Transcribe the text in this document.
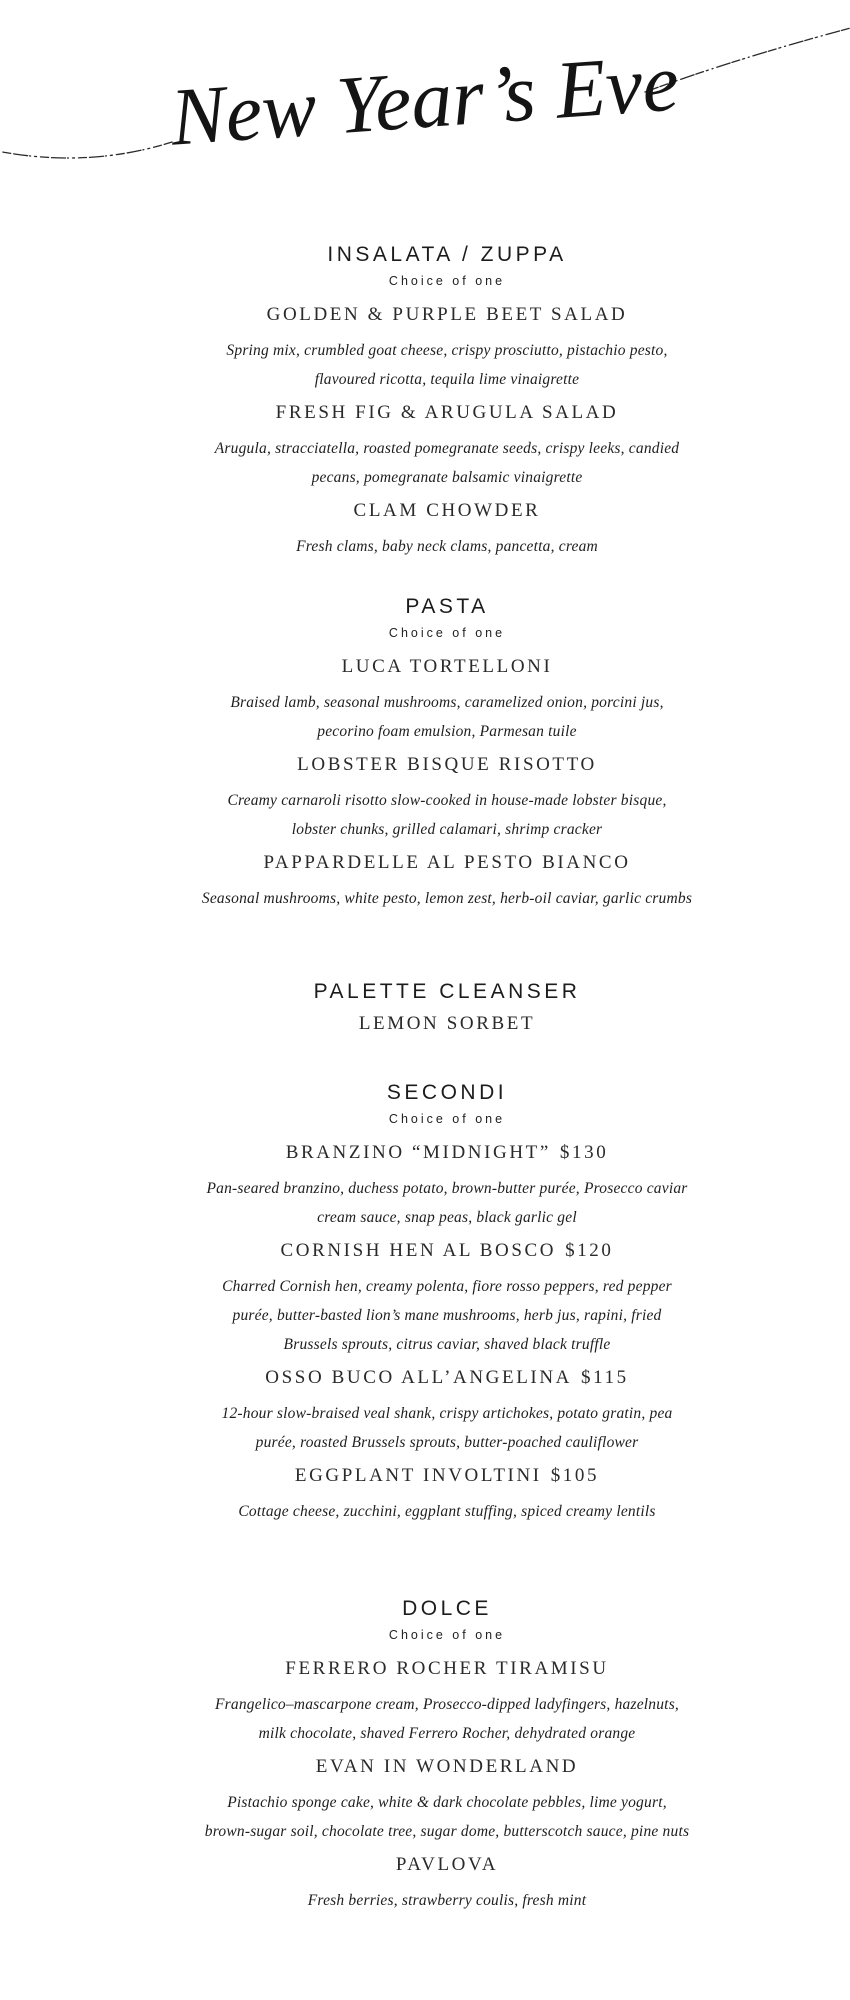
New Year’s Eve
INSALATA / ZUPPA
Choice of one
GOLDEN & PURPLE BEET SALAD
Spring mix, crumbled goat cheese, crispy prosciutto, pistachio pesto,
flavoured ricotta, tequila lime vinaigrette
FRESH FIG & ARUGULA SALAD
Arugula, stracciatella, roasted pomegranate seeds, crispy leeks, candied
pecans, pomegranate balsamic vinaigrette
CLAM CHOWDER
Fresh clams, baby neck clams, pancetta, cream
PASTA
Choice of one
LUCA TORTELLONI
Braised lamb, seasonal mushrooms, caramelized onion, porcini jus,
pecorino foam emulsion, Parmesan tuile
LOBSTER BISQUE RISOTTO
Creamy carnaroli risotto slow-cooked in house-made lobster bisque,
lobster chunks, grilled calamari, shrimp cracker
PAPPARDELLE AL PESTO BIANCO
Seasonal mushrooms, white pesto, lemon zest, herb-oil caviar, garlic crumbs
PALETTE CLEANSER
LEMON SORBET
SECONDI
Choice of one
BRANZINO “MIDNIGHT” $130
Pan-seared branzino, duchess potato, brown-butter purée, Prosecco caviar
cream sauce, snap peas, black garlic gel
CORNISH HEN AL BOSCO $120
Charred Cornish hen, creamy polenta, fiore rosso peppers, red pepper
purée, butter-basted lion’s mane mushrooms, herb jus, rapini, fried
Brussels sprouts, citrus caviar, shaved black truffle
OSSO BUCO ALL’ANGELINA $115
12-hour slow-braised veal shank, crispy artichokes, potato gratin, pea
purée, roasted Brussels sprouts, butter-poached cauliflower
EGGPLANT INVOLTINI $105
Cottage cheese, zucchini, eggplant stuffing, spiced creamy lentils
DOLCE
Choice of one
FERRERO ROCHER TIRAMISU
Frangelico–mascarpone cream, Prosecco-dipped ladyfingers, hazelnuts,
milk chocolate, shaved Ferrero Rocher, dehydrated orange
EVAN IN WONDERLAND
Pistachio sponge cake, white & dark chocolate pebbles, lime yogurt,
brown-sugar soil, chocolate tree, sugar dome, butterscotch sauce, pine nuts
PAVLOVA
Fresh berries, strawberry coulis, fresh mint
